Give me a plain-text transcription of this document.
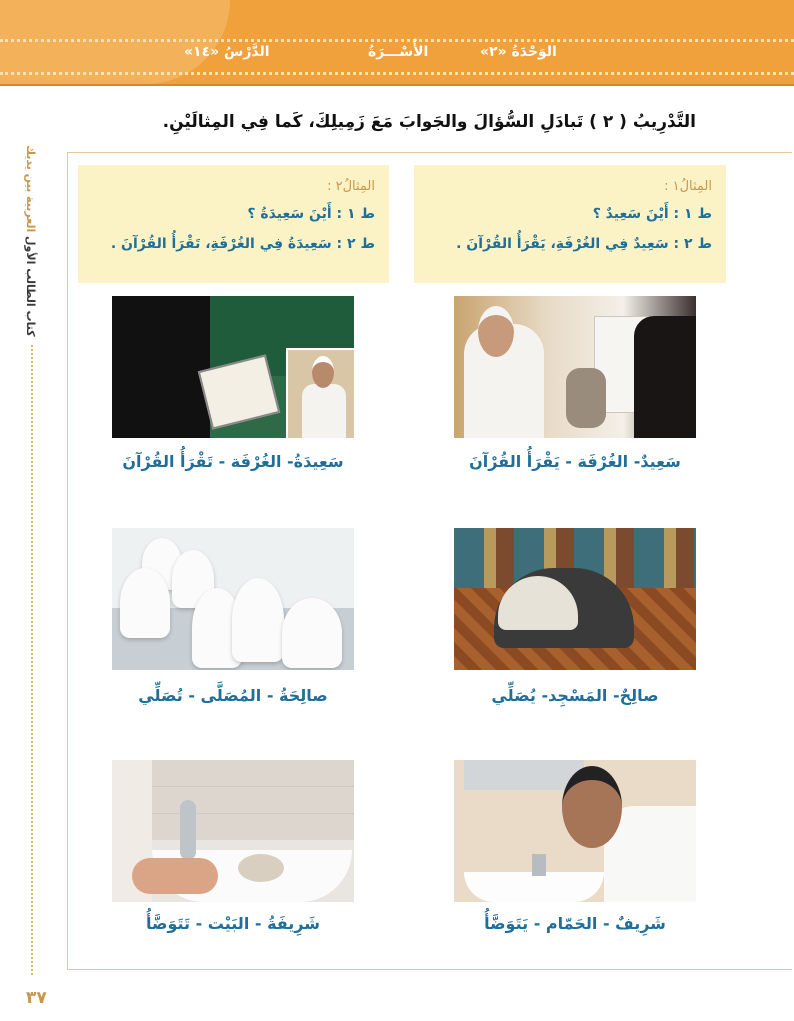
الدَّرْسُ «١٤»	الأُسْـــرَةُ	الوَحْدَةُ «٢»
العربية بين يديك
كتاب الطالب الأول
٣٧
التَّدْرِيبُ ( ٢ ) تَبادَلِ السُّؤالَ والجَوابَ مَعَ زَمِيلِكَ، كَما فِي المِثالَيْنِ.
المِثالُ١ :
ط ١ : أَيْنَ سَعِيدٌ ؟
ط ٢ : سَعِيدٌ فِي الغُرْفَةِ، يَقْرَأُ القُرْآنَ .
المِثالُ٢ :
ط ١ : أَيْنَ سَعِيدَةُ ؟
ط ٢ : سَعِيدَةُ فِي الغُرْفَةِ، تَقْرَأُ القُرْآنَ .
سَعِيدٌ- الغُرْفَة - يَقْرَأُ القُرْآنَ
سَعِيدَةُ- الغُرْفَة - تَقْرَأُ القُرْآنَ
صالِحٌ- المَسْجِد- يُصَلِّي
صالِحَةُ - المُصَلَّى - تُصَلِّي
شَرِيفٌ - الحَمّام - يَتَوَضَّأُ
شَرِيفَةُ - البَيْت - تَتَوَضَّأُ
